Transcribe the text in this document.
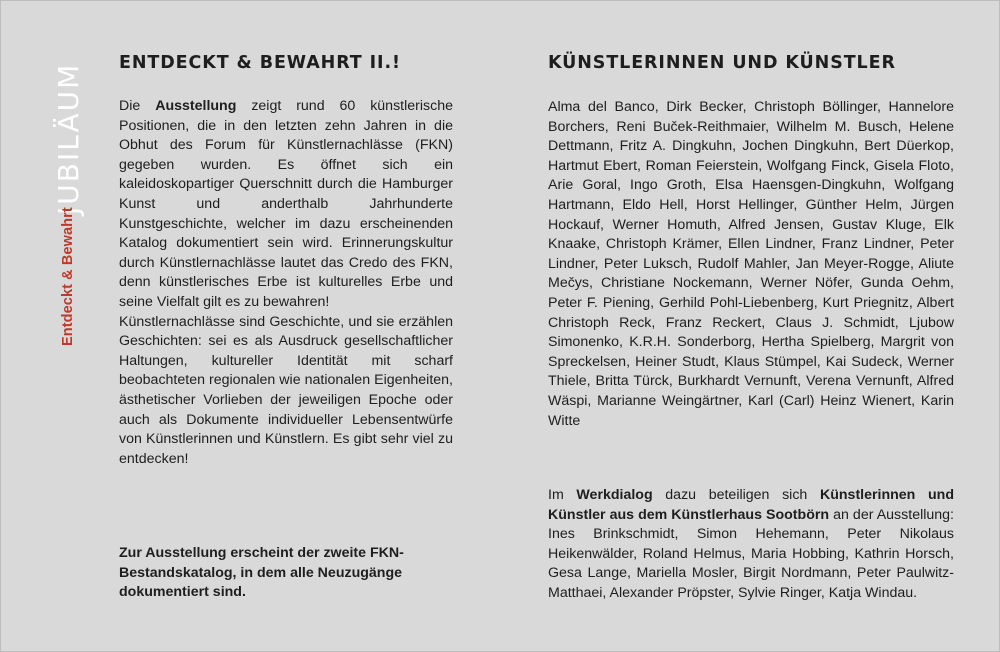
JUBILÄUM
Entdeckt & Bewahrt
ENTDECKT & BEWAHRT II.!

Die Ausstellung zeigt rund 60 künstlerische Positionen, die in den letzten zehn Jahren in die Obhut des Forum für Künstlernachlässe (FKN) gegeben wurden. Es öffnet sich ein kaleidoskopartiger Querschnitt durch die Hamburger Kunst und anderthalb Jahrhunderte Kunstgeschichte, welcher im dazu erscheinenden Katalog dokumentiert sein wird. Erinnerungskultur durch Künstlernachlässe lautet das Credo des FKN, denn künstlerisches Erbe ist kulturelles Erbe und seine Vielfalt gilt es zu bewahren!

Künstlernachlässe sind Geschichte, und sie erzählen Geschichten: sei es als Ausdruck gesellschaftlicher Haltungen, kultureller Identität mit scharf beobachteten regionalen wie nationalen Eigenheiten, ästhetischer Vorlieben der jeweiligen Epoche oder auch als Dokumente individueller Lebensentwürfe von Künstlerinnen und Künstlern. Es gibt sehr viel zu entdecken!

Zur Ausstellung erscheint der zweite FKN-Bestandskatalog, in dem alle Neuzugänge dokumentiert sind.
KÜNSTLERINNEN UND KÜNSTLER

Alma del Banco, Dirk Becker, Christoph Böllinger, Hannelore Borchers, Reni Buček-Reithmaier, Wilhelm M. Busch, Helene Dettmann, Fritz A. Dingkuhn, Jochen Dingkuhn, Bert Düerkop, Hartmut Ebert, Roman Feierstein, Wolfgang Finck, Gisela Floto, Arie Goral, Ingo Groth, Elsa Haensgen-Dingkuhn, Wolfgang Hartmann, Eldo Hell, Horst Hellinger, Günther Helm, Jürgen Hockauf, Werner Homuth, Alfred Jensen, Gustav Kluge, Elk Knaake, Christoph Krämer, Ellen Lindner, Franz Lindner, Peter Lindner, Peter Luksch, Rudolf Mahler, Jan Meyer-Rogge, Aliute Mečys, Christiane Nockemann, Werner Nöfer, Gunda Oehm, Peter F. Piening, Gerhild Pohl-Liebenberg, Kurt Priegnitz, Albert Christoph Reck, Franz Reckert, Claus J. Schmidt, Ljubow Simonenko, K.R.H. Sonderborg, Hertha Spielberg, Margrit von Spreckelsen, Heiner Studt, Klaus Stümpel, Kai Sudeck, Werner Thiele, Britta Türck, Burkhardt Vernunft, Verena Vernunft, Alfred Wäspi, Marianne Weingärtner, Karl (Carl) Heinz Wienert, Karin Witte

Im Werkdialog dazu beteiligen sich Künstlerinnen und Künstler aus dem Künstlerhaus Sootbörn an der Ausstellung: Ines Brinkschmidt, Simon Hehemann, Peter Nikolaus Heikenwälder, Roland Helmus, Maria Hobbing, Kathrin Horsch, Gesa Lange, Mariella Mosler, Birgit Nordmann, Peter Paulwitz-Matthaei, Alexander Pröpster, Sylvie Ringer, Katja Windau.
